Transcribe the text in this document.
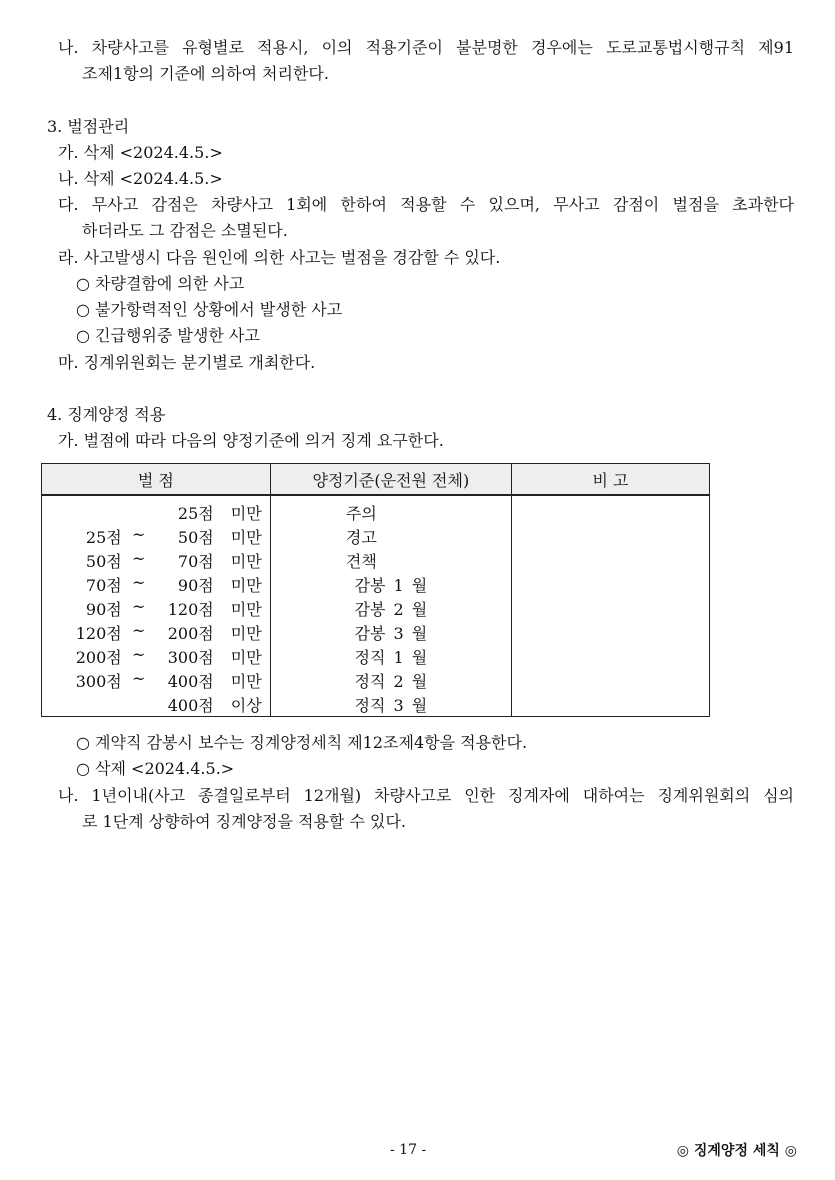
나. 차량사고를 유형별로 적용시, 이의 적용기준이 불분명한 경우에는 도로교통법시행규칙 제91
조제1항의 기준에 의하여 처리한다.
3. 벌점관리
가. 삭제 <2024.4.5.>
나. 삭제 <2024.4.5.>
다. 무사고 감점은 차량사고 1회에 한하여 적용할 수 있으며, 무사고 감점이 벌점을 초과한다
하더라도 그 감점은 소멸된다.
라. 사고발생시 다음 원인에 의한 사고는 벌점을 경감할 수 있다.
○ 차량결함에 의한 사고
○ 불가항력적인 상황에서 발생한 사고
○ 긴급행위중 발생한 사고
마. 징계위원회는 분기별로 개최한다.
4. 징계양정 적용
가. 벌점에 따라 다음의 양정기준에 의거 징계 요구한다.
벌 점	양정기준(운전원 전체)	비 고

25점 미만	주의	

25점 ~ 50점 미만	경고	

50점 ~ 70점 미만	견책	

70점 ~ 90점 미만	감봉 1 월	

90점 ~ 120점 미만	감봉 2 월	

120점 ~ 200점 미만	감봉 3 월	

200점 ~ 300점 미만	정직 1 월	

300점 ~ 400점 미만	정직 2 월	

400점 이상	정직 3 월	
○ 계약직 감봉시 보수는 징계양정세칙 제12조제4항을 적용한다.
○ 삭제 <2024.4.5.>
나. 1년이내(사고 종결일로부터 12개월) 차량사고로 인한 징계자에 대하여는 징계위원회의 심의
로 1단계 상향하여 징계양정을 적용할 수 있다.
- 17 -	◎ 징계양정 세칙 ◎
